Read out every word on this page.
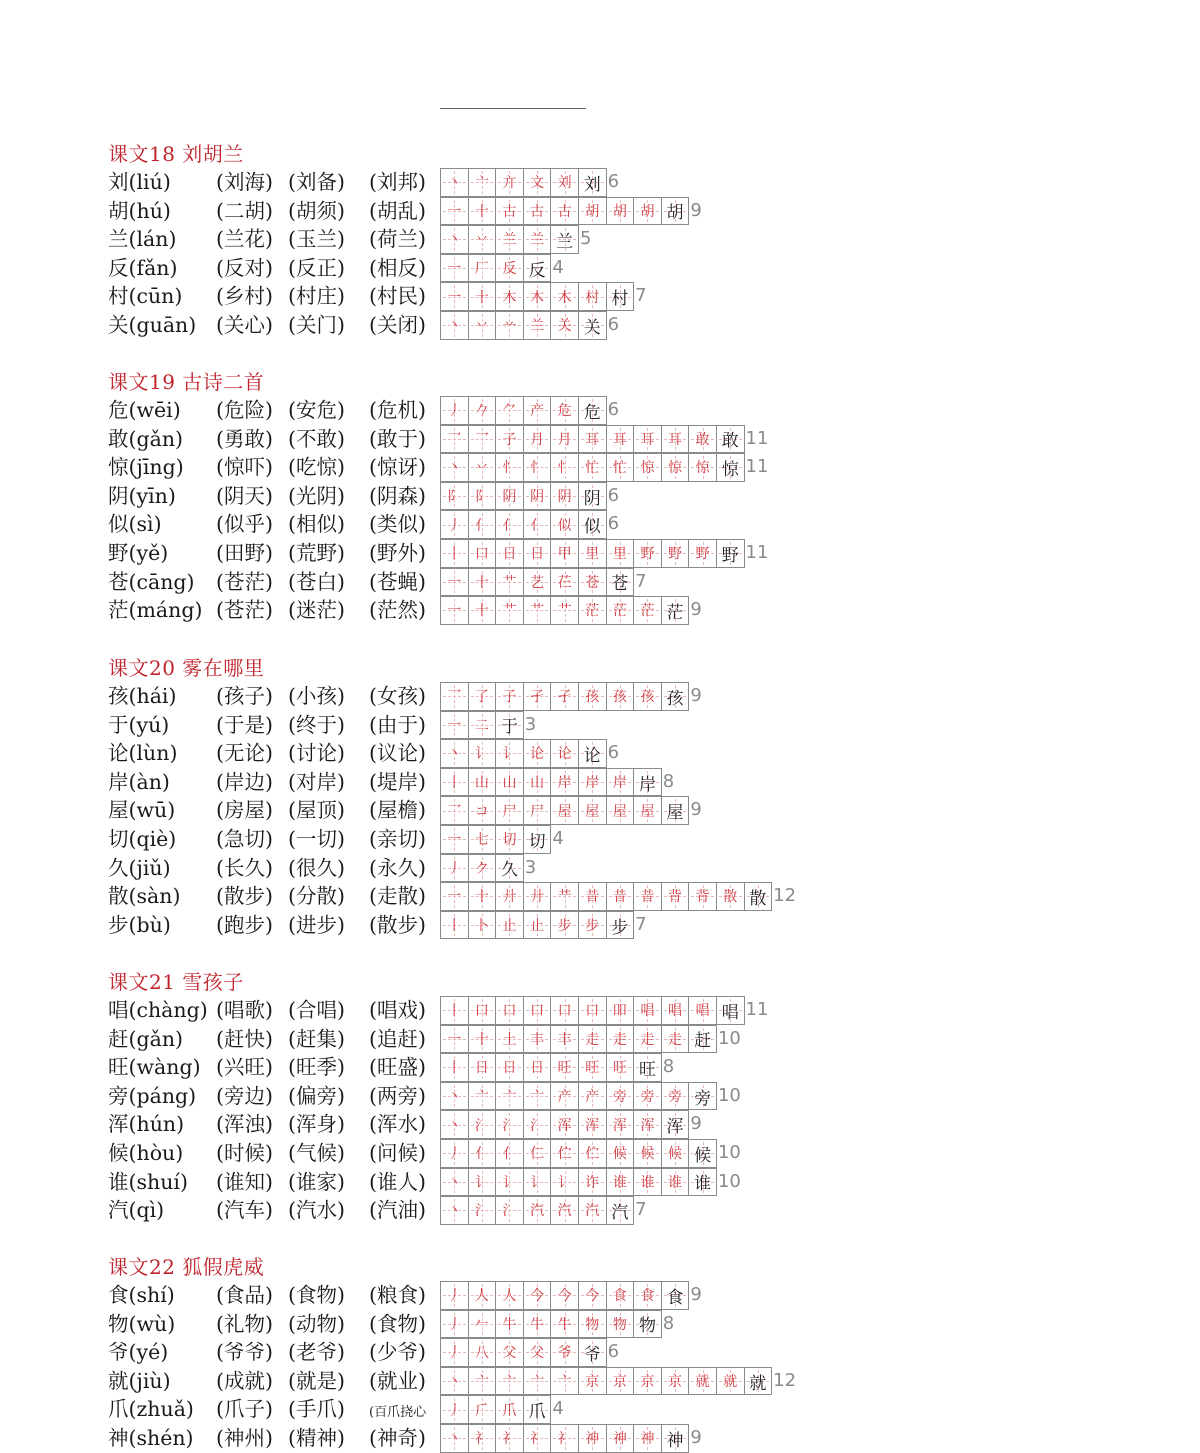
课文18 刘胡兰
刘(liú) (刘海) (刘备) (刘邦) 丶 亠 亣 文 刘 刘 6
胡(hú) (二胡) (胡须) (胡乱) 一 十 古 古 古 胡 胡 胡 胡 9
兰(lán) (兰花) (玉兰) (荷兰) 丶 丷 兰 兰 兰 5
反(fǎn) (反对) (反正) (相反) 一 厂 反 反 4
村(cūn) (乡村) (村庄) (村民) 一 十 木 木 木 村 村 7
关(guān) (关心) (关门) (关闭) 丶 丷 䒑 兰 关 关 6
课文19 古诗二首
危(wēi) (危险) (安危) (危机) 丿 𠂊 ⺈ 产 危 危 6
敢(gǎn) (勇敢) (不敢) (敢于) 乛 乛 子 月 月 耳 耳 耳 耳 敢 敢 11
惊(jīng) (惊吓) (吃惊) (惊讶) 丶 丷 忄 忄 忄 忙 忙 惊 惊 惊 惊 11
阴(yīn) (阴天) (光阴) (阴森) 阝 阝 阴 阴 阴 阴 6
似(sì)	(似乎) (相似) (类似) 丿 亻 亻 亻 似 似 6
野(yě) (田野) (荒野) (野外) 丨 口 日 日 甲 里 里 野 野 野 野 11
苍(cāng) (苍茫) (苍白) (苍蝇) 一 十 艹 艺 芢 苍 苍 7
茫(máng) (苍茫) (迷茫) (茫然) 一 十 艹 艹 艹 茫 茫 茫 茫 9
课文20 雾在哪里
孩(hái) (孩子) (小孩) (女孩) 乛 了 子 孑 孑 孩 孩 孩 孩 9
于(yú) (于是) (终于) (由于) 一 二 于 3
论(lùn) (无论) (讨论) (议论) 丶 讠 讠 论 论 论 6
岸(àn) (岸边) (对岸) (堤岸) 丨 山 山 山 岸 岸 岸 岸 8
屋(wū) (房屋) (屋顶) (屋檐) 乛 コ 尸 尸 屋 屋 屋 屋 屋 9
切(qiè) (急切) (一切) (亲切) 一 七 切 切 4
久(jiǔ) (长久) (很久) (永久) 丿 ク 久 3
散(sàn) (散步) (分散) (走散) 一 十 廾 廾 龷 昔 昔 昔 背 背 散 散 12
步(bù) (跑步) (进步) (散步) 丨 卜 止 止 步 步 步 7
课文21 雪孩子
唱(chàng) (唱歌) (合唱) (唱戏) 丨 口 口 口 口 口 吅 唱 唱 唱 唱 11
赶(gǎn) (赶快) (赶集) (追赶) 一 十 土 丰 丰 走 走 走 走 赶 10
旺(wàng) (兴旺) (旺季) (旺盛) 丨 日 日 日 旺 旺 旺 旺 8
旁(páng) (旁边) (偏旁) (两旁) 丶 亠 亠 亠 产 产 旁 旁 旁 旁 10
浑(hún) (浑浊) (浑身) (浑水) 丶 氵 氵 氵 浑 浑 浑 浑 浑 9
候(hòu) (时候) (气候) (问候) 丿 亻 亻 仁 伫 伫 候 候 候 候 10
谁(shuí) (谁知) (谁家) (谁人) 丶 讠 讠 讠 讠 诈 谁 谁 谁 谁 10
汽(qì)	(汽车) (汽水) (汽油) 丶 氵 氵 汽 汽 汽 汽 7
课文22 狐假虎威
食(shí) (食品) (食物) (粮食) 丿 人 人 今 今 今 食 食 食 9
物(wù) (礼物) (动物) (食物) 丿 𠂉 牛 牛 牛 物 物 物 8
爷(yé) (爷爷) (老爷) (少爷) 丿 八 父 父 爷 爷 6
就(jiù) (成就) (就是) (就业) 丶 亠 亠 亠 亠 京 京 京 京 就 就 就 12
爪(zhuǎ) (爪子) (手爪) (百爪挠心 丿 𠂆 爪 爪 4
神(shén) (神州) (精神) (神奇) 丶 礻 礻 礻 礻 神 神 神 神 9
